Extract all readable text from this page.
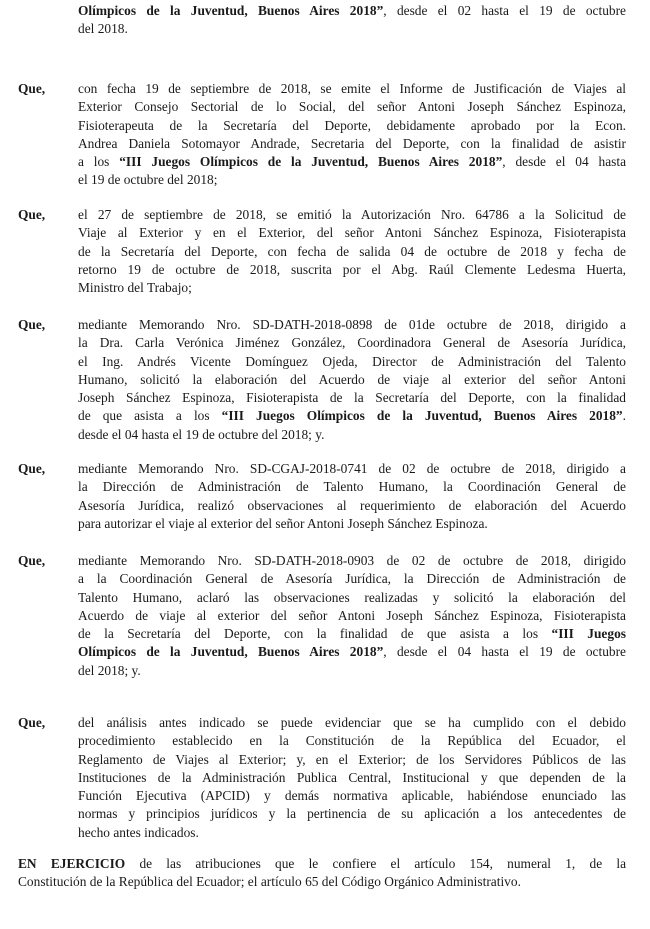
Olímpicos de la Juventud, Buenos Aires 2018”, desde el 02 hasta el 19 de octubre
del 2018.
Que, con fecha 19 de septiembre de 2018, se emite el Informe de Justificación de Viajes al
Exterior Consejo Sectorial de lo Social, del señor Antoni Joseph Sánchez Espinoza,
Fisioterapeuta de la Secretaría del Deporte, debidamente aprobado por la Econ.
Andrea Daniela Sotomayor Andrade, Secretaria del Deporte, con la finalidad de asistir
a los “III Juegos Olímpicos de la Juventud, Buenos Aires 2018”, desde el 04 hasta
el 19 de octubre del 2018;
Que, el 27 de septiembre de 2018, se emitió la Autorización Nro. 64786 a la Solicitud de
Viaje al Exterior y en el Exterior, del señor Antoni Sánchez Espinoza, Fisioterapista
de la Secretaría del Deporte, con fecha de salida 04 de octubre de 2018 y fecha de
retorno 19 de octubre de 2018, suscrita por el Abg. Raúl Clemente Ledesma Huerta,
Ministro del Trabajo;
Que, mediante Memorando Nro. SD-DATH-2018-0898 de 01de octubre de 2018, dirigido a
la Dra. Carla Verónica Jiménez González, Coordinadora General de Asesoría Jurídica,
el Ing. Andrés Vicente Domínguez Ojeda, Director de Administración del Talento
Humano, solicitó la elaboración del Acuerdo de viaje al exterior del señor Antoni
Joseph Sánchez Espinoza, Fisioterapista de la Secretaría del Deporte, con la finalidad
de que asista a los “III Juegos Olímpicos de la Juventud, Buenos Aires 2018”.
desde el 04 hasta el 19 de octubre del 2018; y.
Que, mediante Memorando Nro. SD-CGAJ-2018-0741 de 02 de octubre de 2018, dirigido a
la Dirección de Administración de Talento Humano, la Coordinación General de
Asesoría Jurídica, realizó observaciones al requerimiento de elaboración del Acuerdo
para autorizar el viaje al exterior del señor Antoni Joseph Sánchez Espinoza.
Que, mediante Memorando Nro. SD-DATH-2018-0903 de 02 de octubre de 2018, dirigido
a la Coordinación General de Asesoría Jurídica, la Dirección de Administración de
Talento Humano, aclaró las observaciones realizadas y solicitó la elaboración del
Acuerdo de viaje al exterior del señor Antoni Joseph Sánchez Espinoza, Fisioterapista
de la Secretaría del Deporte, con la finalidad de que asista a los “III Juegos
Olímpicos de la Juventud, Buenos Aires 2018”, desde el 04 hasta el 19 de octubre
del 2018; y.
Que, del análisis antes indicado se puede evidenciar que se ha cumplido con el debido
procedimiento establecido en la Constitución de la República del Ecuador, el
Reglamento de Viajes al Exterior; y, en el Exterior; de los Servidores Públicos de las
Instituciones de la Administración Publica Central, Institucional y que dependen de la
Función Ejecutiva (APCID) y demás normativa aplicable, habiéndose enunciado las
normas y principios jurídicos y la pertinencia de su aplicación a los antecedentes de
hecho antes indicados.
EN EJERCICIO de las atribuciones que le confiere el artículo 154, numeral 1, de la
Constitución de la República del Ecuador; el artículo 65 del Código Orgánico Administrativo.
